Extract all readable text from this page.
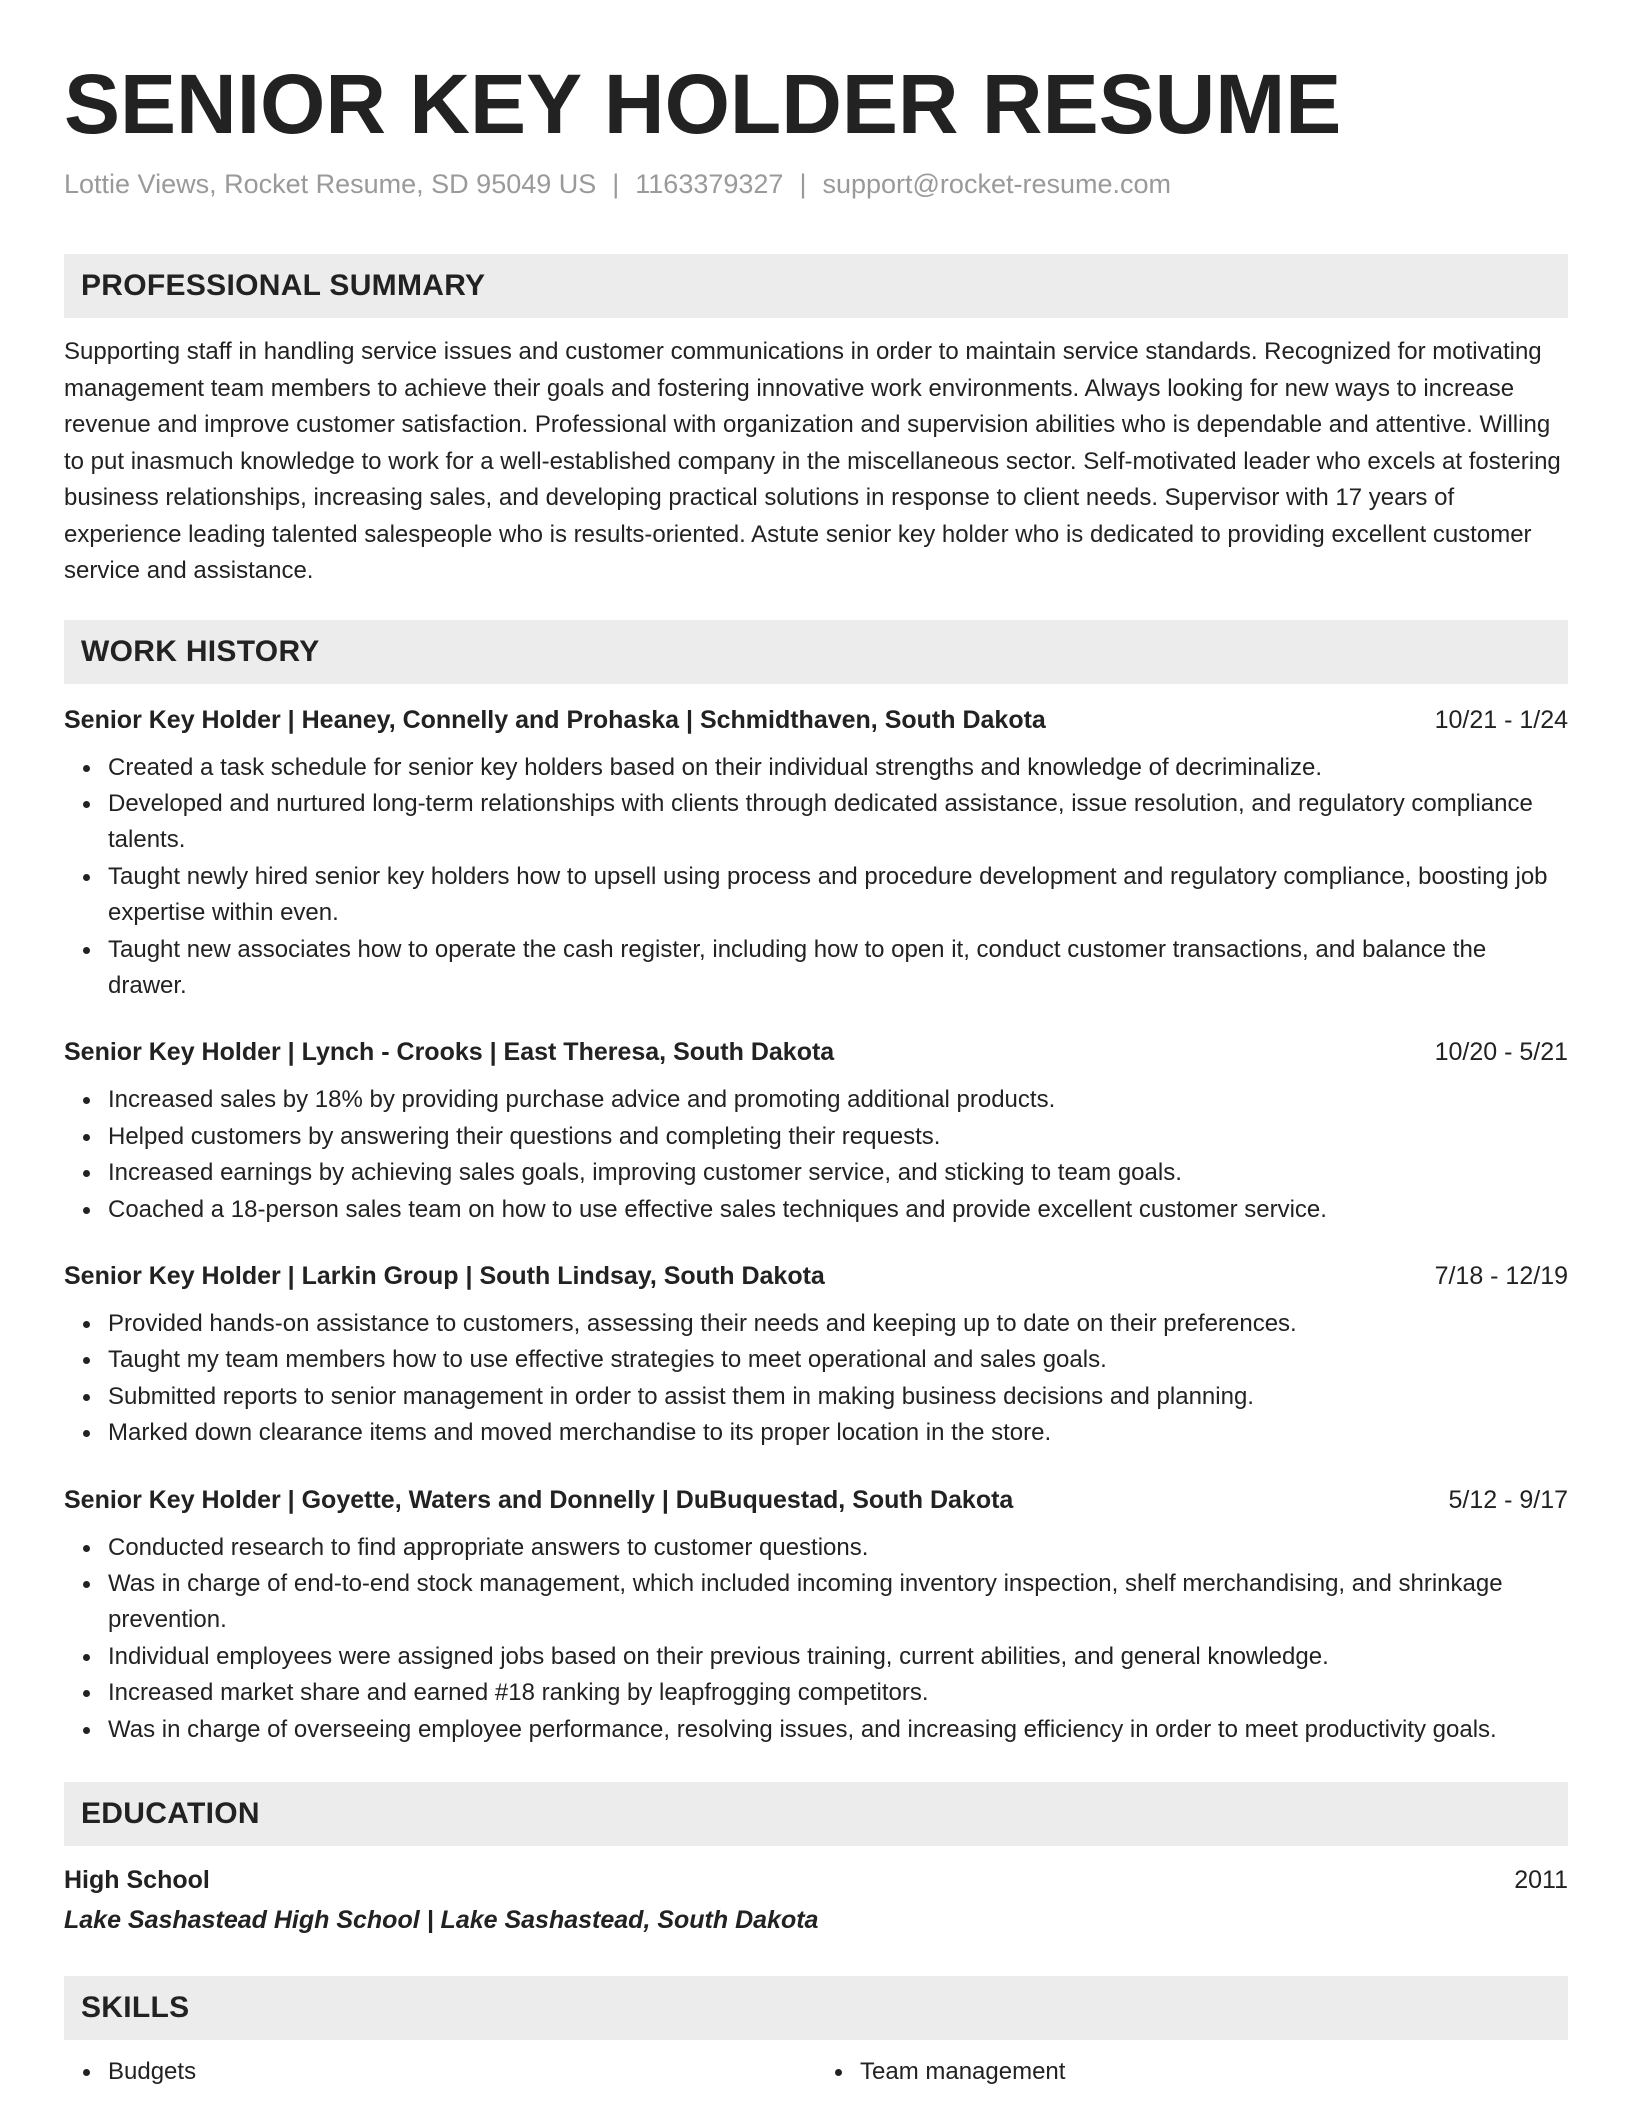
SENIOR KEY HOLDER RESUME
Lottie Views, Rocket Resume, SD 95049 US | 1163379327 | support@rocket-resume.com
PROFESSIONAL SUMMARY

Supporting staff in handling service issues and customer communications in order to maintain service standards. Recognized for motivating management team members to achieve their goals and fostering innovative work environments. Always looking for new ways to increase revenue and improve customer satisfaction. Professional with organization and supervision abilities who is dependable and attentive. Willing to put inasmuch knowledge to work for a well-established company in the miscellaneous sector. Self-motivated leader who excels at fostering business relationships, increasing sales, and developing practical solutions in response to client needs. Supervisor with 17 years of experience leading talented salespeople who is results-oriented. Astute senior key holder who is dedicated to providing excellent customer service and assistance.

WORK HISTORY
Senior Key Holder | Heaney, Connelly and Prohaska | Schmidthaven, South Dakota	10/21 - 1/24
Created a task schedule for senior key holders based on their individual strengths and knowledge of decriminalize.
Developed and nurtured long-term relationships with clients through dedicated assistance, issue resolution, and regulatory compliance talents.
Taught newly hired senior key holders how to upsell using process and procedure development and regulatory compliance, boosting job expertise within even.
Taught new associates how to operate the cash register, including how to open it, conduct customer transactions, and balance the drawer.
Senior Key Holder | Lynch - Crooks | East Theresa, South Dakota	10/20 - 5/21
Increased sales by 18% by providing purchase advice and promoting additional products.
Helped customers by answering their questions and completing their requests.
Increased earnings by achieving sales goals, improving customer service, and sticking to team goals.
Coached a 18-person sales team on how to use effective sales techniques and provide excellent customer service.
Senior Key Holder | Larkin Group | South Lindsay, South Dakota	7/18 - 12/19
Provided hands-on assistance to customers, assessing their needs and keeping up to date on their preferences.
Taught my team members how to use effective strategies to meet operational and sales goals.
Submitted reports to senior management in order to assist them in making business decisions and planning.
Marked down clearance items and moved merchandise to its proper location in the store.
Senior Key Holder | Goyette, Waters and Donnelly | DuBuquestad, South Dakota	5/12 - 9/17
Conducted research to find appropriate answers to customer questions.
Was in charge of end-to-end stock management, which included incoming inventory inspection, shelf merchandising, and shrinkage prevention.
Individual employees were assigned jobs based on their previous training, current abilities, and general knowledge.
Increased market share and earned #18 ranking by leapfrogging competitors.
Was in charge of overseeing employee performance, resolving issues, and increasing efficiency in order to meet productivity goals.
EDUCATION
High School	2011
Lake Sashastead High School | Lake Sashastead, South Dakota
SKILLS
Budgets	Team management
